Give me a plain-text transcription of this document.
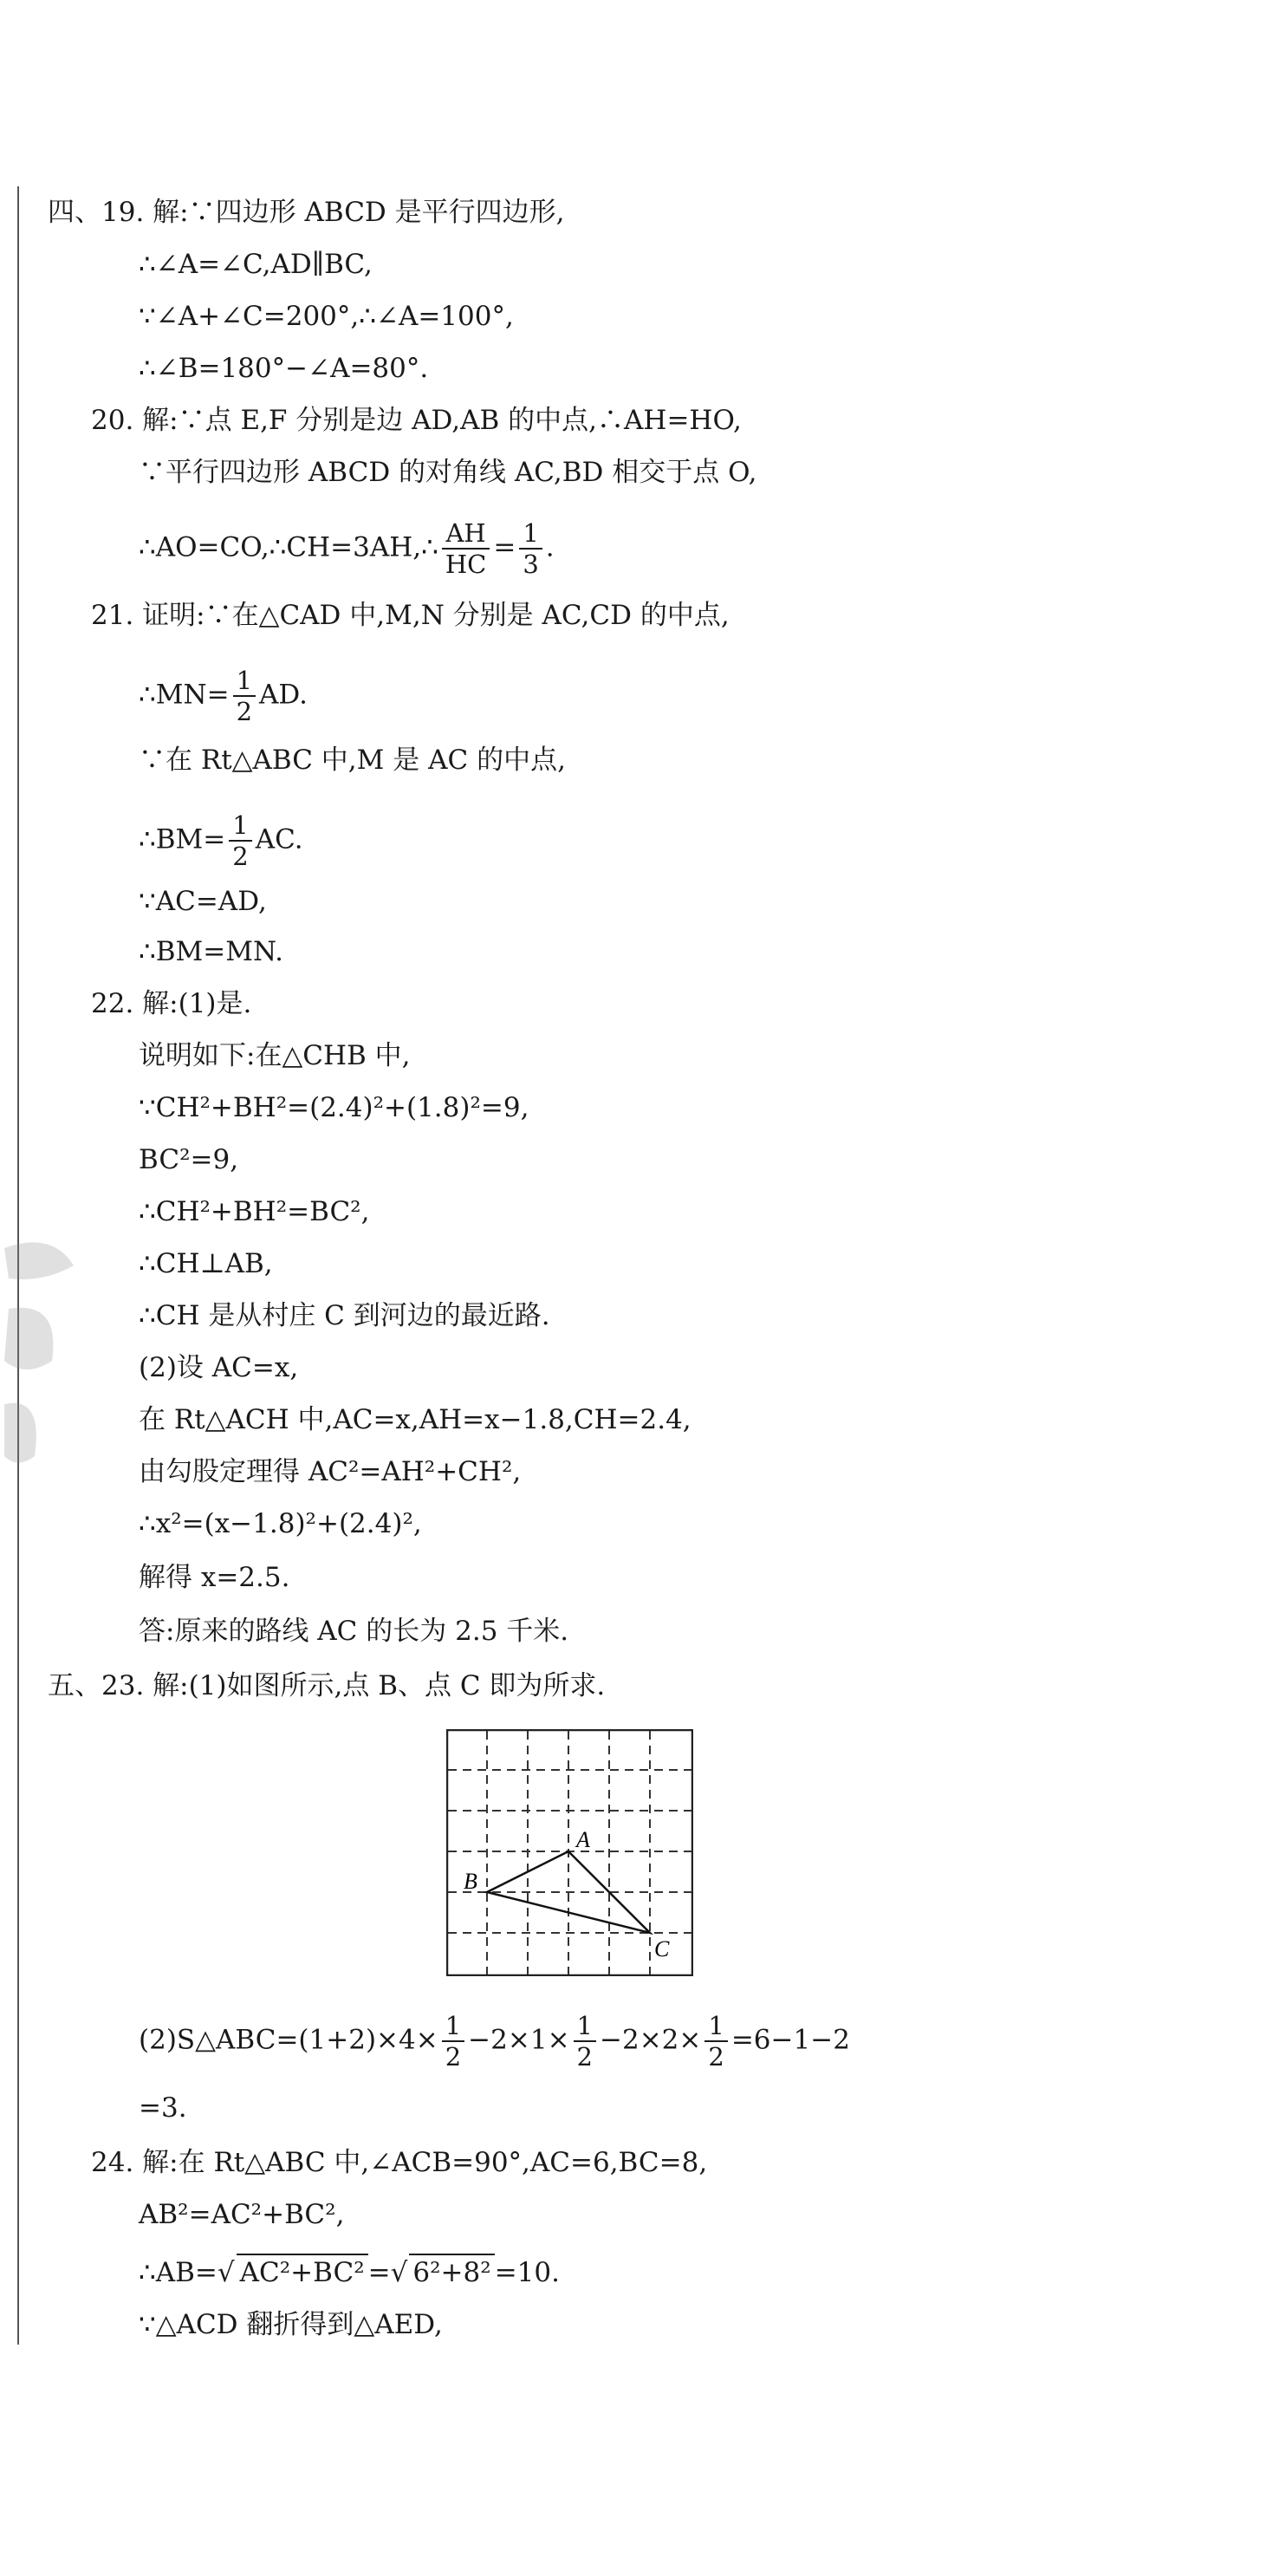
四、19. 解:∵四边形 ABCD 是平行四边形,
∴∠A=∠C,AD∥BC,
∵∠A+∠C=200°,∴∠A=100°,
∴∠B=180°−∠A=80°.
20. 解:∵点 E,F 分别是边 AD,AB 的中点,∴AH=HO,
∵平行四边形 ABCD 的对角线 AC,BD 相交于点 O,
∴AO=CO,∴CH=3AH,∴ $\frac{AH}{HC} = \frac{1}{3}$ .
21. 证明:∵在△CAD 中,M,N 分别是 AC,CD 的中点,
∴MN= $\frac{1}{2}$ AD.
∵在 Rt△ABC 中,M 是 AC 的中点,
∴BM= $\frac{1}{2}$ AC.
∵AC=AD,
∴BM=MN.
22. 解:(1)是.
说明如下:在△CHB 中,
∵CH²+BH²=(2.4)²+(1.8)²=9,
BC²=9,
∴CH²+BH²=BC²,
∴CH⊥AB,
∴CH 是从村庄 C 到河边的最近路.
(2)设 AC=x,
在 Rt△ACH 中,AC=x,AH=x−1.8,CH=2.4,
由勾股定理得 AC²=AH²+CH²,
∴x²=(x−1.8)²+(2.4)²,
解得 x=2.5.
答:原来的路线 AC 的长为 2.5 千米.
五、23. 解:(1)如图所示,点 B、点 C 即为所求.
A
B
C
(2)S△ABC=(1+2)×4× $\frac{1}{2} -2\times 1\times \frac{1}{2} -2\times 2\times \frac{1}{2} =6-1-2$
=3.
24. 解:在 Rt△ABC 中,∠ACB=90°,AC=6,BC=8,
AB²=AC²+BC²,
∴AB=√ AC²+BC² =√ 6²+8² =10.
∵△ACD 翻折得到△AED,
